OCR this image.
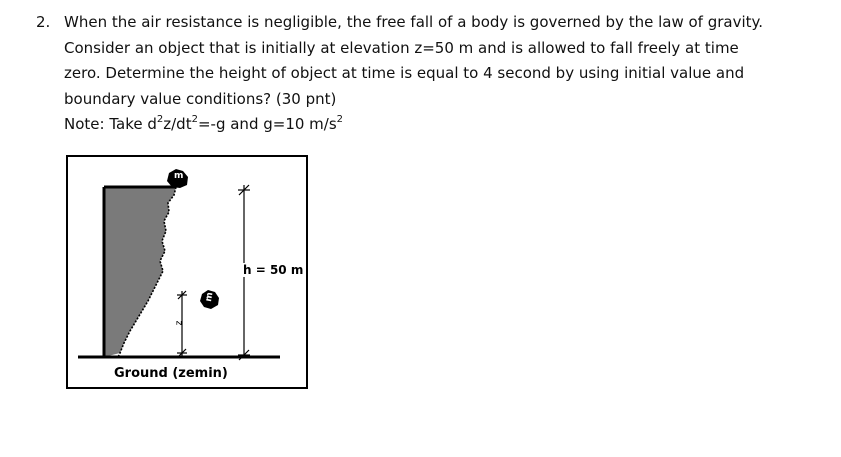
2. When the air resistance is negligible, the free fall of a body is governed by the law of gravity.

Consider an object that is initially at elevation z=50 m and is allowed to fall freely at time

zero. Determine the height of object at time is equal to 4 second by using initial value and

boundary value conditions? (30 pnt)

Note: Take $d^2z/dt^2=-g$ and g=10 $m/s^2$

m
m
z
h = 50 m
Ground (zemin)
